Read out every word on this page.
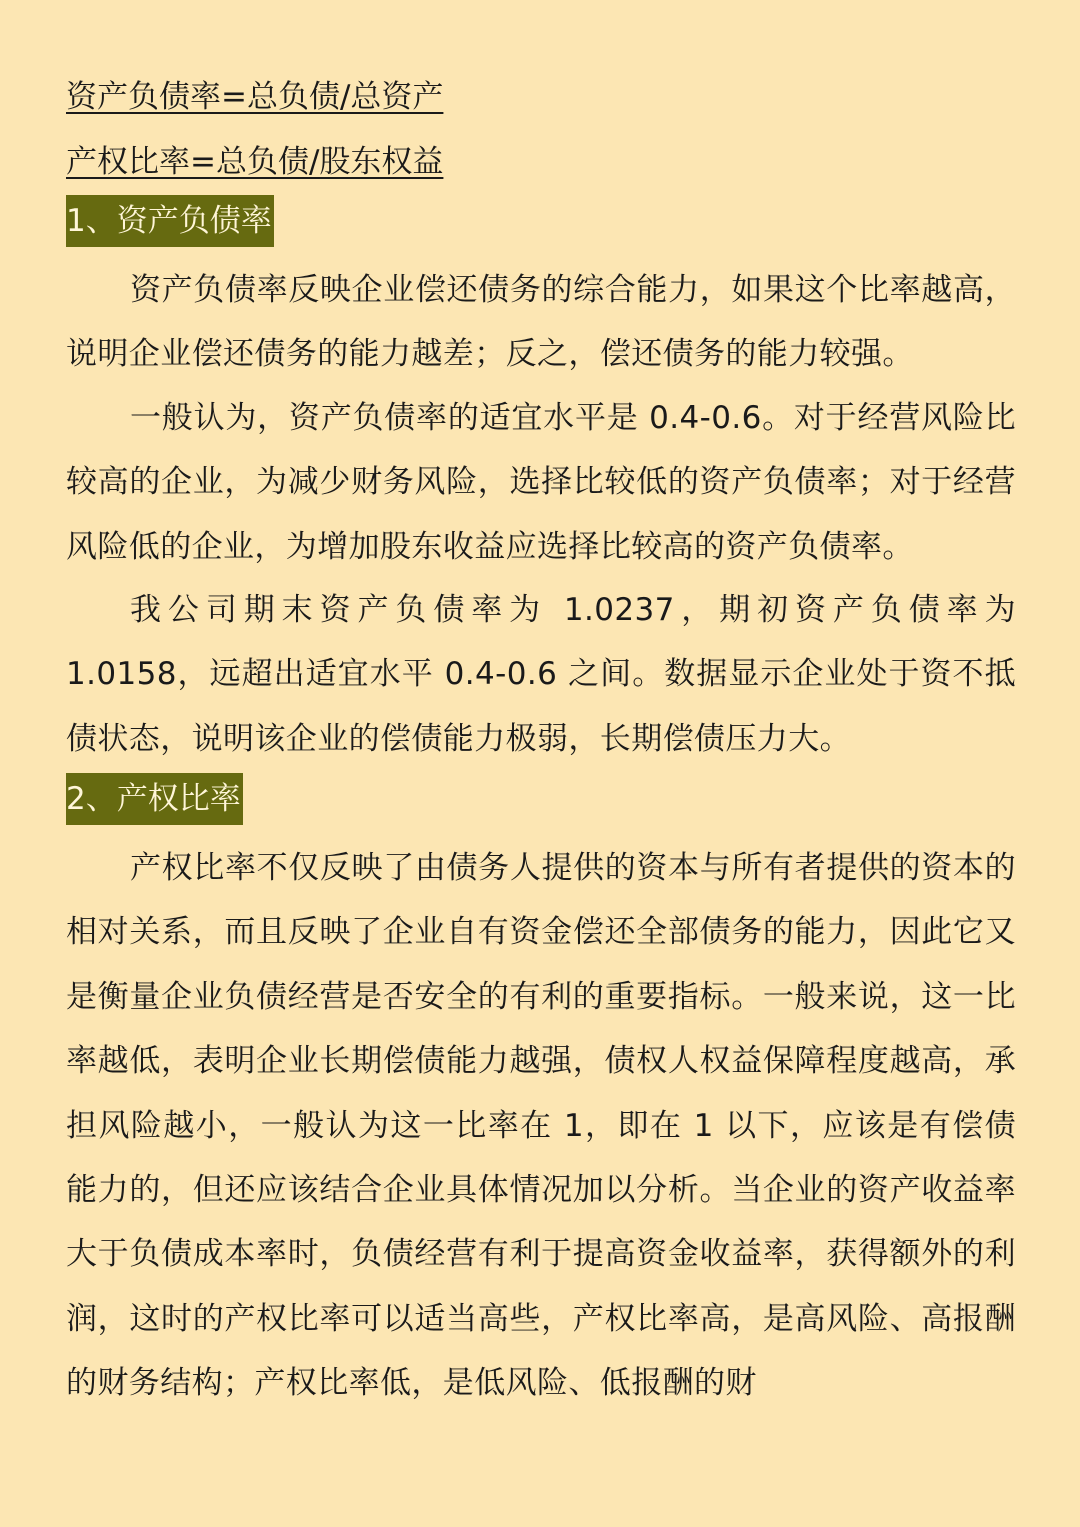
资产负债率=总负债/总资产
产权比率=总负债/股东权益
1、资产负债率

资产负债率反映企业偿还债务的综合能力，如果这个比率越高，说明企业偿还债务的能力越差；反之，偿还债务的能力较强。

一般认为，资产负债率的适宜水平是 0.4-0.6。对于经营风险比较高的企业，为减少财务风险，选择比较低的资产负债率；对于经营风险低的企业，为增加股东收益应选择比较高的资产负债率。

我公司期末资产负债率为 1.0237，期初资产负债率为 1.0158，远超出适宜水平 0.4-0.6 之间。数据显示企业处于资不抵债状态，说明该企业的偿债能力极弱，长期偿债压力大。

2、产权比率

产权比率不仅反映了由债务人提供的资本与所有者提供的资本的相对关系，而且反映了企业自有资金偿还全部债务的能力，因此它又是衡量企业负债经营是否安全的有利的重要指标。一般来说，这一比率越低，表明企业长期偿债能力越强，债权人权益保障程度越高，承担风险越小，一般认为这一比率在 1，即在 1 以下，应该是有偿债能力的，但还应该结合企业具体情况加以分析。当企业的资产收益率大于负债成本率时，负债经营有利于提高资金收益率，获得额外的利润，这时的产权比率可以适当高些，产权比率高，是高风险、高报酬的财务结构；产权比率低，是低风险、低报酬的财
